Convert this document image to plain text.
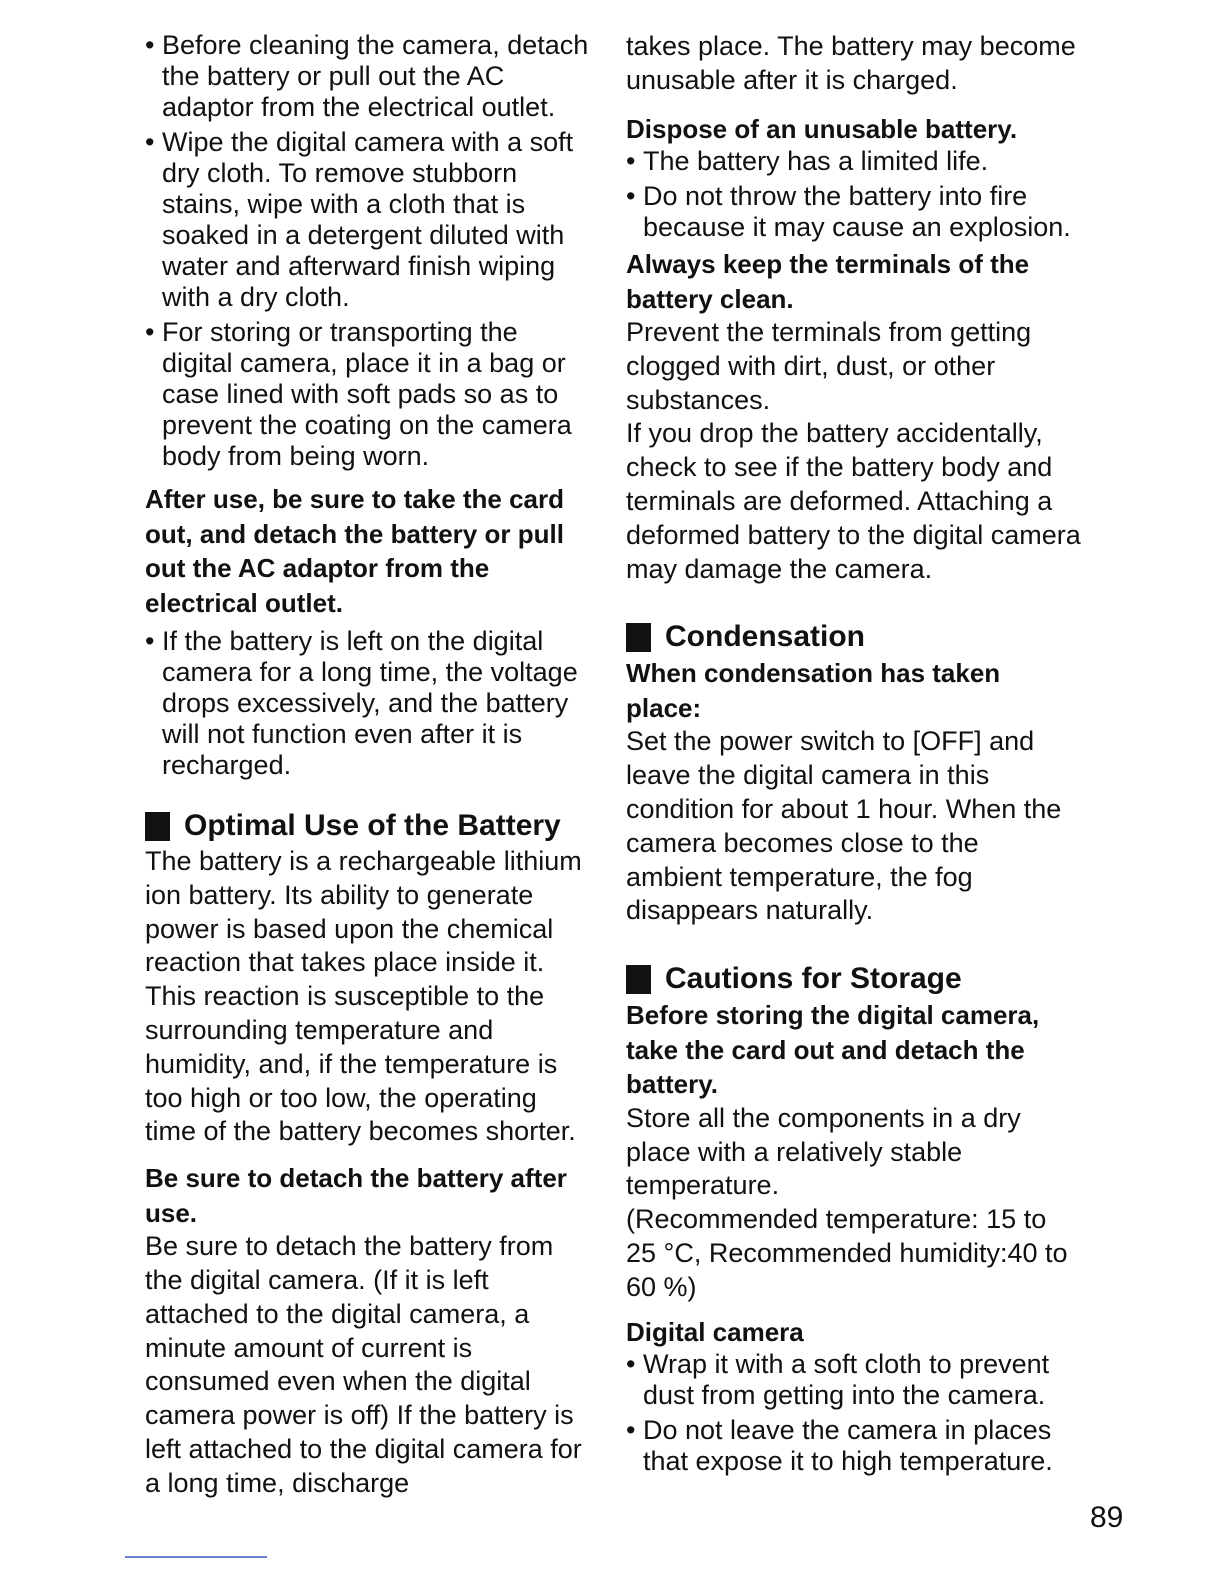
• Before cleaning the camera, detach the battery or pull out the AC adaptor from the electrical outlet.
• Wipe the digital camera with a soft dry cloth. To remove stubborn stains, wipe with a cloth that is soaked in a detergent diluted with water and afterward finish wiping with a dry cloth.
• For storing or transporting the digital camera, place it in a bag or case lined with soft pads so as to prevent the coating on the camera body from being worn.

After use, be sure to take the card out, and detach the battery or pull out the AC adaptor from the electrical outlet.

• If the battery is left on the digital camera for a long time, the voltage drops excessively, and the battery will not function even after it is recharged.
Optimal Use of the Battery

The battery is a rechargeable lithium ion battery. Its ability to generate power is based upon the chemical reaction that takes place inside it. This reaction is susceptible to the surrounding temperature and humidity, and, if the temperature is too high or too low, the operating time of the battery becomes shorter.

Be sure to detach the battery after use.

Be sure to detach the battery from the digital camera. (If it is left attached to the digital camera, a minute amount of current is consumed even when the digital camera power is off) If the battery is left attached to the digital camera for a long time, discharge

takes place. The battery may become unusable after it is charged.

Dispose of an unusable battery.

• The battery has a limited life.
• Do not throw the battery into fire because it may cause an explosion.

Always keep the terminals of the battery clean.

Prevent the terminals from getting clogged with dirt, dust, or other substances.

If you drop the battery accidentally, check to see if the battery body and terminals are deformed. Attaching a deformed battery to the digital camera may damage the camera.

Condensation

When condensation has taken place:

Set the power switch to [OFF] and leave the digital camera in this condition for about 1 hour. When the camera becomes close to the ambient temperature, the fog disappears naturally.

Cautions for Storage

Before storing the digital camera, take the card out and detach the battery.

Store all the components in a dry place with a relatively stable temperature.

(Recommended temperature: 15 to 25 °C, Recommended humidity:40 to 60 %)

Digital camera

• Wrap it with a soft cloth to prevent dust from getting into the camera.
• Do not leave the camera in places that expose it to high temperature.
89
